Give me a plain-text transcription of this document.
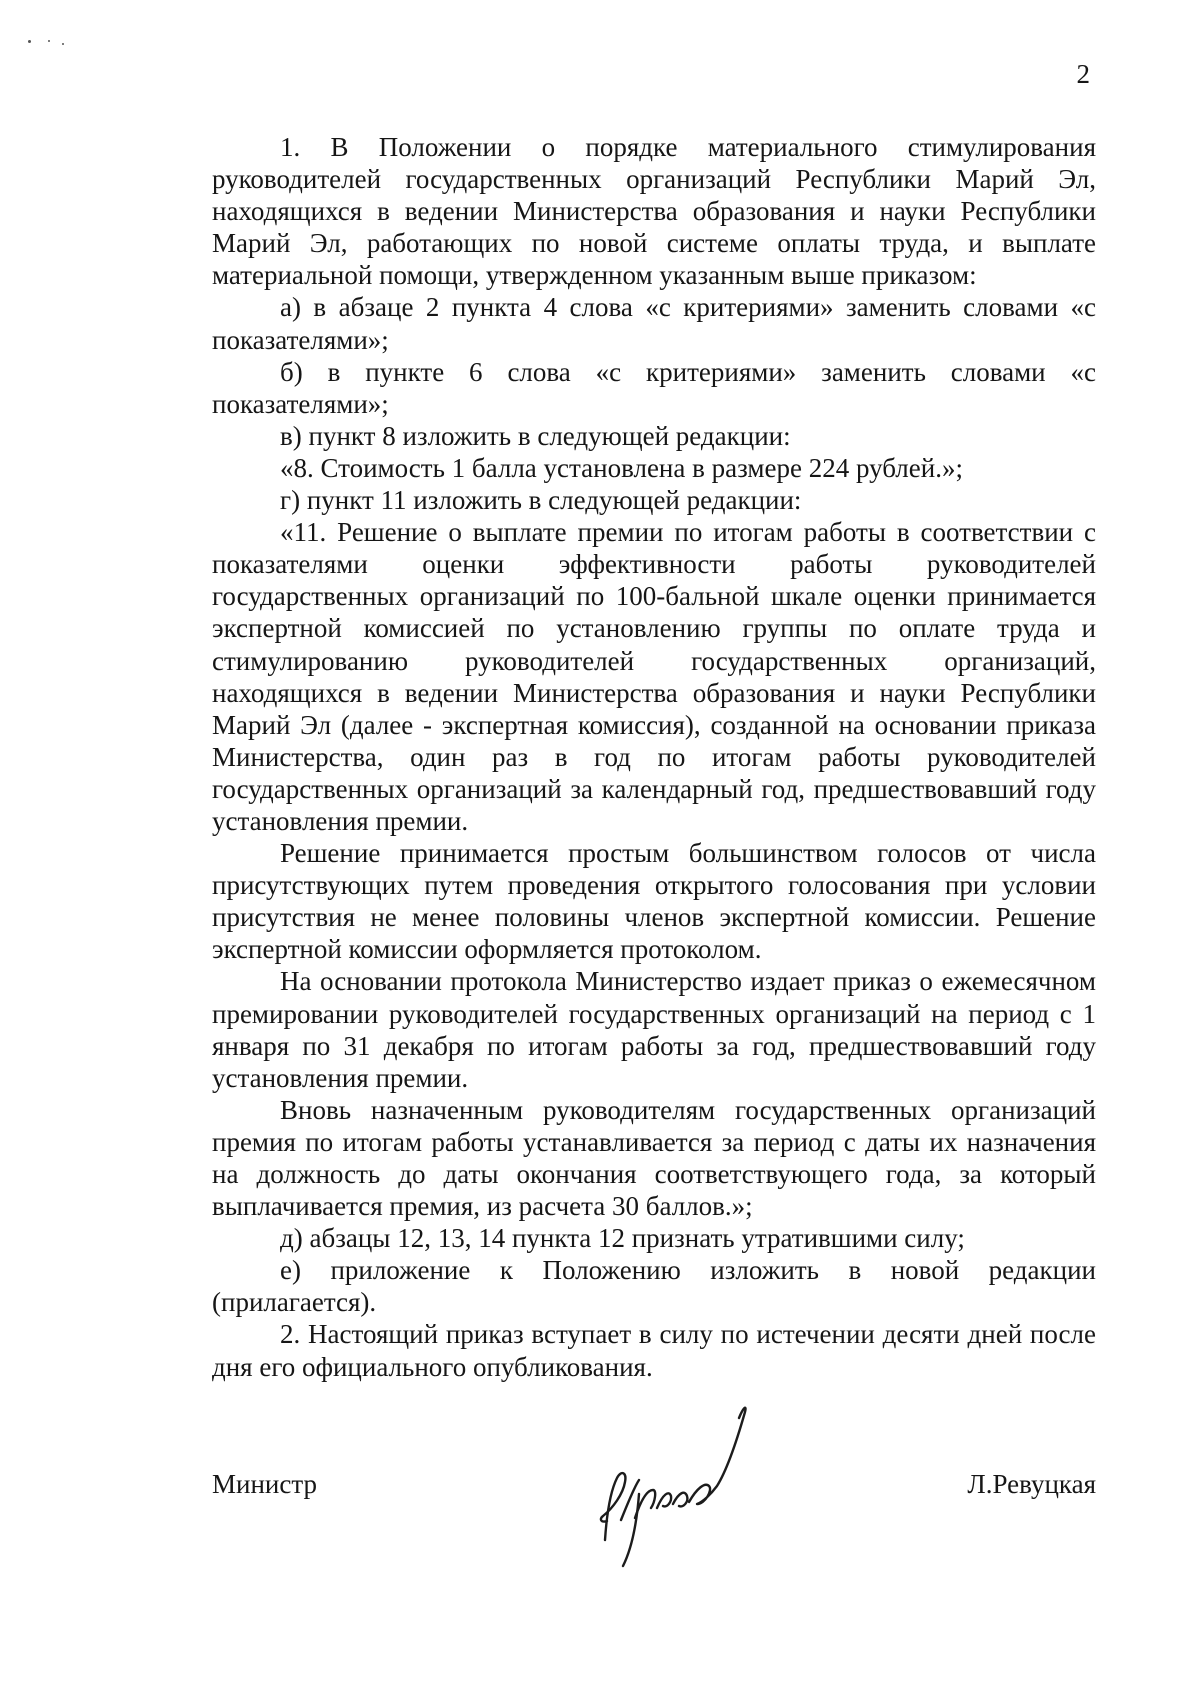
2

1. В Положении о порядке материального стимулирования руководителей государственных организаций Республики Марий Эл, находящихся в ведении Министерства образования и науки Республики Марий Эл, работающих по новой системе оплаты труда, и выплате материальной помощи, утвержденном указанным выше приказом:

а) в абзаце 2 пункта 4 слова «с критериями» заменить словами «с показателями»;

б) в пункте 6 слова «с критериями» заменить словами «с показателями»;

в) пункт 8 изложить в следующей редакции:

«8. Стоимость 1 балла установлена в размере 224 рублей.»;

г) пункт 11 изложить в следующей редакции:

«11. Решение о выплате премии по итогам работы в соответствии с показателями оценки эффективности работы руководителей государственных организаций по 100-бальной шкале оценки принимается экспертной комиссией по установлению группы по оплате труда и стимулированию руководителей государственных организаций, находящихся в ведении Министерства образования и науки Республики Марий Эл (далее - экспертная комиссия), созданной на основании приказа Министерства, один раз в год по итогам работы руководителей государственных организаций за календарный год, предшествовавший году установления премии.

Решение принимается простым большинством голосов от числа присутствующих путем проведения открытого голосования при условии присутствия не менее половины членов экспертной комиссии. Решение экспертной комиссии оформляется протоколом.

На основании протокола Министерство издает приказ о ежемесячном премировании руководителей государственных организаций на период с 1 января по 31 декабря по итогам работы за год, предшествовавший году установления премии.

Вновь назначенным руководителям государственных организаций премия по итогам работы устанавливается за период с даты их назначения на должность до даты окончания соответствующего года, за который выплачивается премия, из расчета 30 баллов.»;

д) абзацы 12, 13, 14 пункта 12 признать утратившими силу;

е) приложение к Положению изложить в новой редакции (прилагается).

2. Настоящий приказ вступает в силу по истечении десяти дней после дня его официального опубликования.

Министр	Л.Ревуцкая
